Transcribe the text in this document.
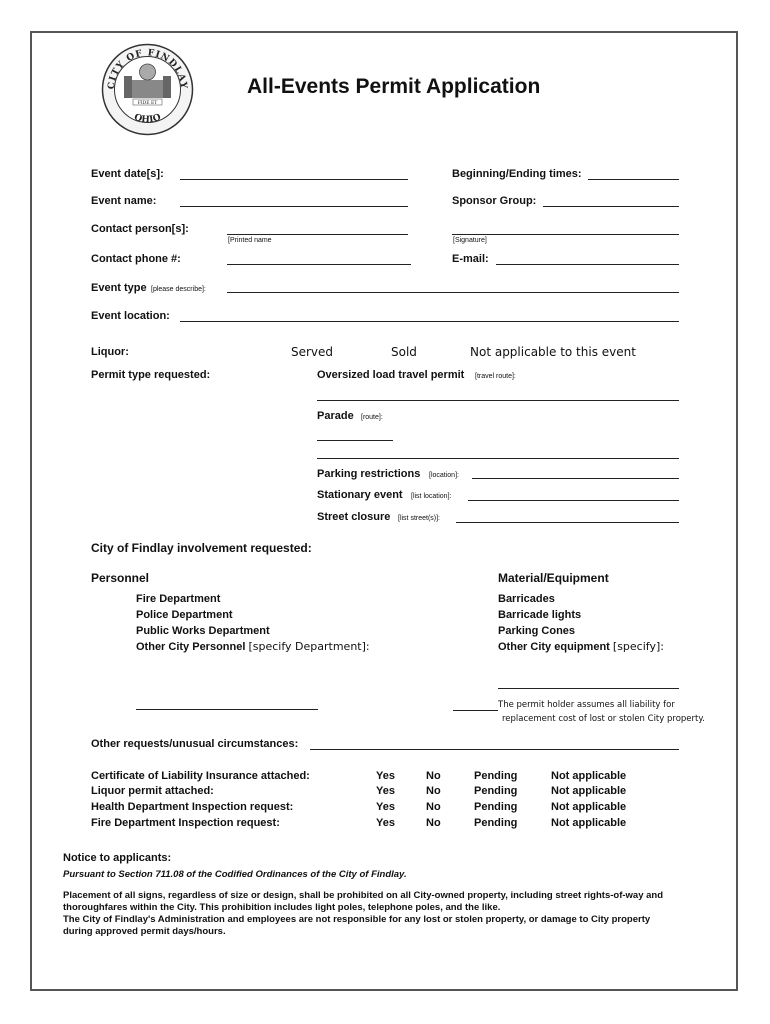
CITY OF FINDLAY
FIDE ET
OHIO
All-Events Permit Application
Event date[s]:	Beginning/Ending times:
Event name:	Sponsor Group:
Contact person[s]:
[Printed name	[Signature]
Contact phone #:	E-mail:
Event type [please describe]:
Event location:
Liquor:	Served	Sold	Not applicable to this event
Permit type requested:	Oversized load travel permit [travel route]:
Parade [route]:
Parking restrictions [location]:
Stationary event [list location]:
Street closure [list street(s)]:
City of Findlay involvement requested:
Personnel	Material/Equipment
Fire Department
Police Department
Public Works Department
Other City Personnel [specify Department]:
Barricades
Barricade lights
Parking Cones
Other City equipment [specify]:
The permit holder assumes all liability for
replacement cost of lost or stolen City property.
Other requests/unusual circumstances:
Certificate of Liability Insurance attached:	Yes	No	Pending	Not applicable
Liquor permit attached:	Yes	No	Pending	Not applicable
Health Department Inspection request:	Yes	No	Pending	Not applicable
Fire Department Inspection request:	Yes	No	Pending	Not applicable
Notice to applicants:
Pursuant to Section 711.08 of the Codified Ordinances of the City of Findlay.
Placement of all signs, regardless of size or design, shall be prohibited on all City-owned property, including street rights-of-way and
thoroughfares within the City. This prohibition includes light poles, telephone poles, and the like.
The City of Findlay's Administration and employees are not responsible for any lost or stolen property, or damage to City property
during approved permit days/hours.
